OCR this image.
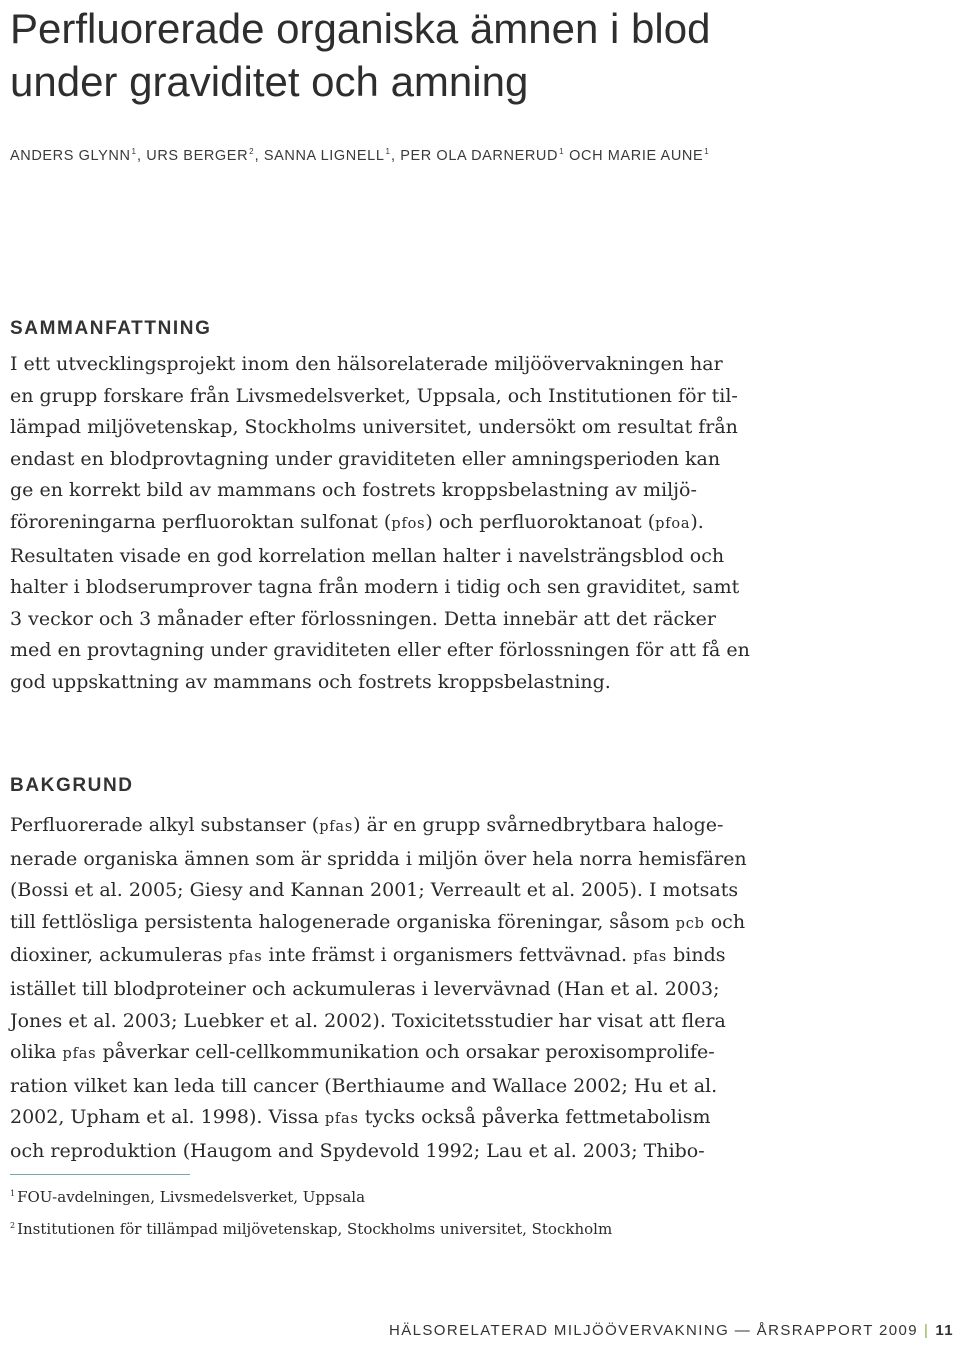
Perfluorerade organiska ämnen i blod
under graviditet och amning

ANDERS GLYNN$^1$, URS BERGER$^2$, SANNA LIGNELL$^1$, PER OLA DARNERUD$^1$ OCH MARIE AUNE$^1$

SAMMANFATTNING
I ett utvecklingsprojekt inom den hälsorelaterade miljöövervakningen har
en grupp forskare från Livsmedelsverket, Uppsala, och Institutionen för til-
lämpad miljövetenskap, Stockholms universitet, undersökt om resultat från
endast en blodprovtagning under graviditeten eller amningsperioden kan
ge en korrekt bild av mammans och fostrets kroppsbelastning av miljö-
föroreningarna perfluoroktan sulfonat (pfos) och perfluoroktanoat (pfoa).
Resultaten visade en god korrelation mellan halter i navelsträngsblod och
halter i blodserumprover tagna från modern i tidig och sen graviditet, samt
3 veckor och 3 månader efter förlossningen. Detta innebär att det räcker
med en provtagning under graviditeten eller efter förlossningen för att få en
god uppskattning av mammans och fostrets kroppsbelastning.
BAKGRUND
Perfluorerade alkyl substanser (pfas) är en grupp svårnedbrytbara haloge-
nerade organiska ämnen som är spridda i miljön över hela norra hemisfären
(Bossi et al. 2005; Giesy and Kannan 2001; Verreault et al. 2005). I motsats
till fettlösliga persistenta halogenerade organiska föreningar, såsom pcb och
dioxiner, ackumuleras pfas inte främst i organismers fettvävnad. pfas binds
istället till blodproteiner och ackumuleras i levervävnad (Han et al. 2003;
Jones et al. 2003; Luebker et al. 2002). Toxicitetsstudier har visat att flera
olika pfas påverkar cell-cellkommunikation och orsakar peroxisomprolife-
ration vilket kan leda till cancer (Berthiaume and Wallace 2002; Hu et al.
2002, Upham et al. 1998). Vissa pfas tycks också påverka fettmetabolism
och reproduktion (Haugom and Spydevold 1992; Lau et al. 2003; Thibo-

$^1$ FOU-avdelningen, Livsmedelsverket, Uppsala

$^2$ Institutionen för tillämpad miljövetenskap, Stockholms universitet, Stockholm

HÄLSORELATERAD MILJÖÖVERVAKNING — ÅRSRAPPORT 2009 | 11
